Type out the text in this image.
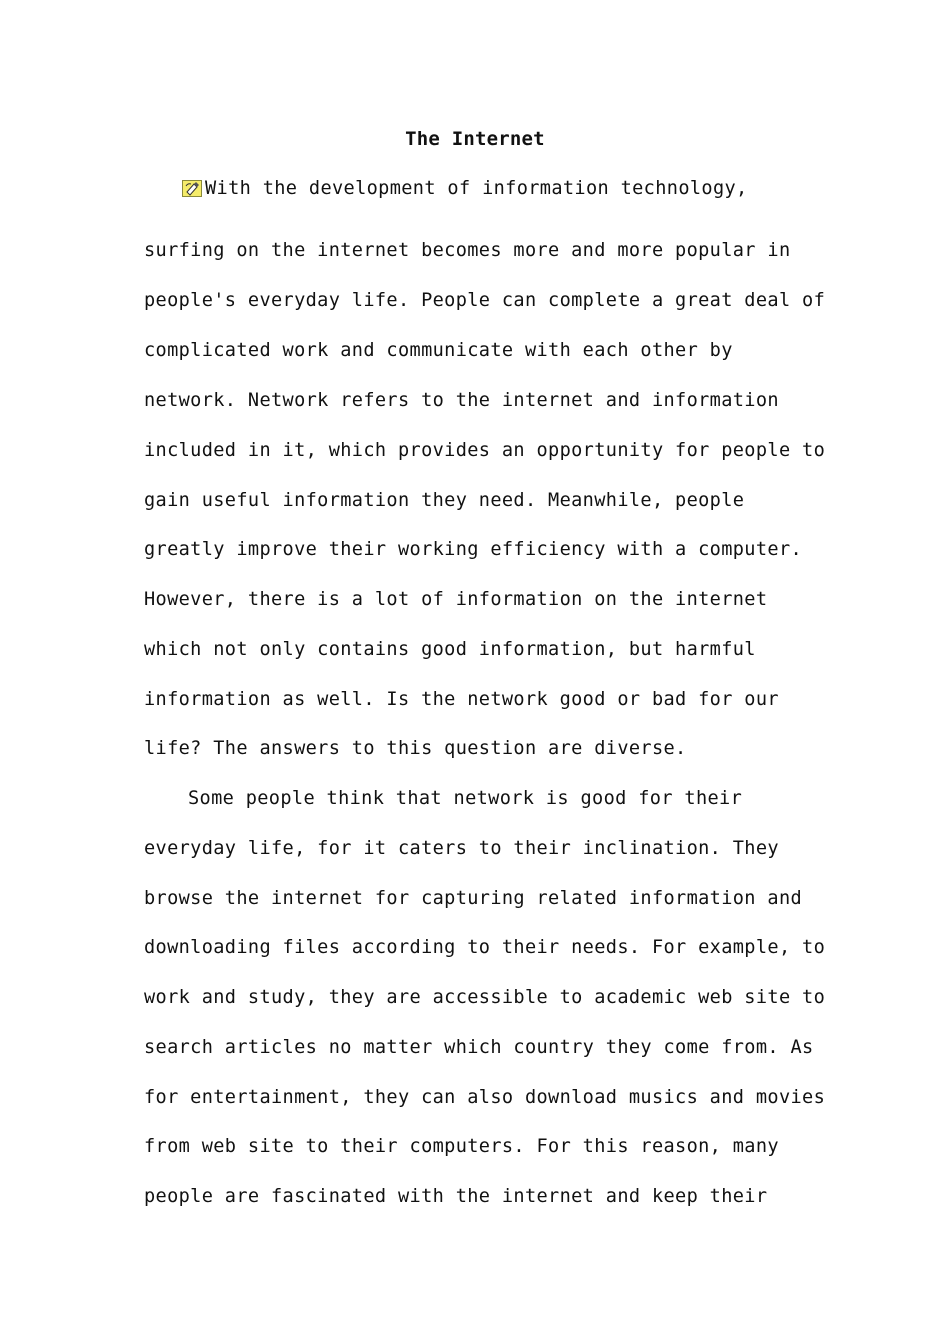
The Internet
With the development of information technology,
surfing on the internet becomes more and more popular in
people's everyday life. People can complete a great deal of
complicated work and communicate with each other by
network. Network refers to the internet and information
included in it, which provides an opportunity for people to
gain useful information they need. Meanwhile, people
greatly improve their working efficiency with a computer.
However, there is a lot of information on the internet
which not only contains good information, but harmful
information as well. Is the network good or bad for our
life? The answers to this question are diverse.
Some people think that network is good for their
everyday life, for it caters to their inclination. They
browse the internet for capturing related information and
downloading files according to their needs. For example, to
work and study, they are accessible to academic web site to
search articles no matter which country they come from. As
for entertainment, they can also download musics and movies
from web site to their computers. For this reason, many
people are fascinated with the internet and keep their
